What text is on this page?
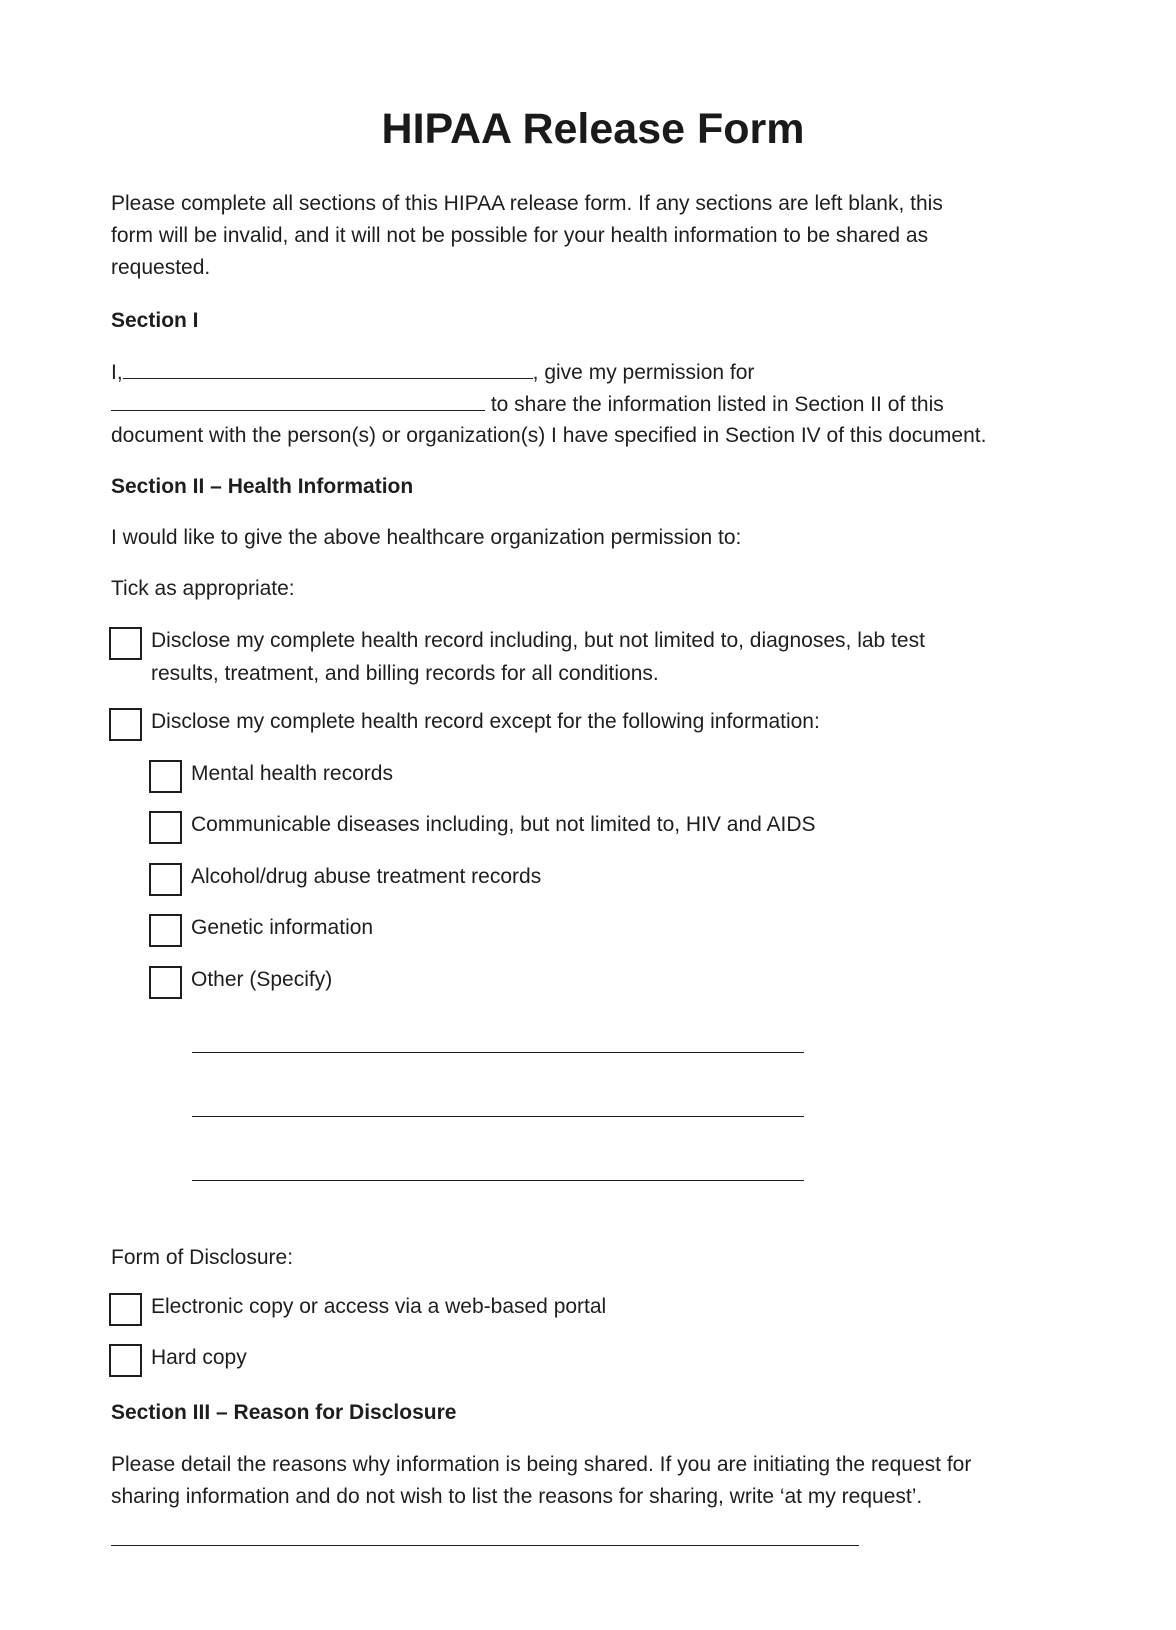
HIPAA Release Form
Please complete all sections of this HIPAA release form. If any sections are left blank, this
form will be invalid, and it will not be possible for your health information to be shared as
requested.
Section I
I,	, give my permission for
to share the information listed in Section II of this
document with the person(s) or organization(s) I have specified in Section IV of this document.
Section II – Health Information
I would like to give the above healthcare organization permission to:
Tick as appropriate:
Disclose my complete health record including, but not limited to, diagnoses, lab test
results, treatment, and billing records for all conditions.
Disclose my complete health record except for the following information:
Mental health records
Communicable diseases including, but not limited to, HIV and AIDS
Alcohol/drug abuse treatment records
Genetic information
Other (Specify)
Form of Disclosure:
Electronic copy or access via a web-based portal
Hard copy
Section III – Reason for Disclosure
Please detail the reasons why information is being shared. If you are initiating the request for
sharing information and do not wish to list the reasons for sharing, write ‘at my request’.
